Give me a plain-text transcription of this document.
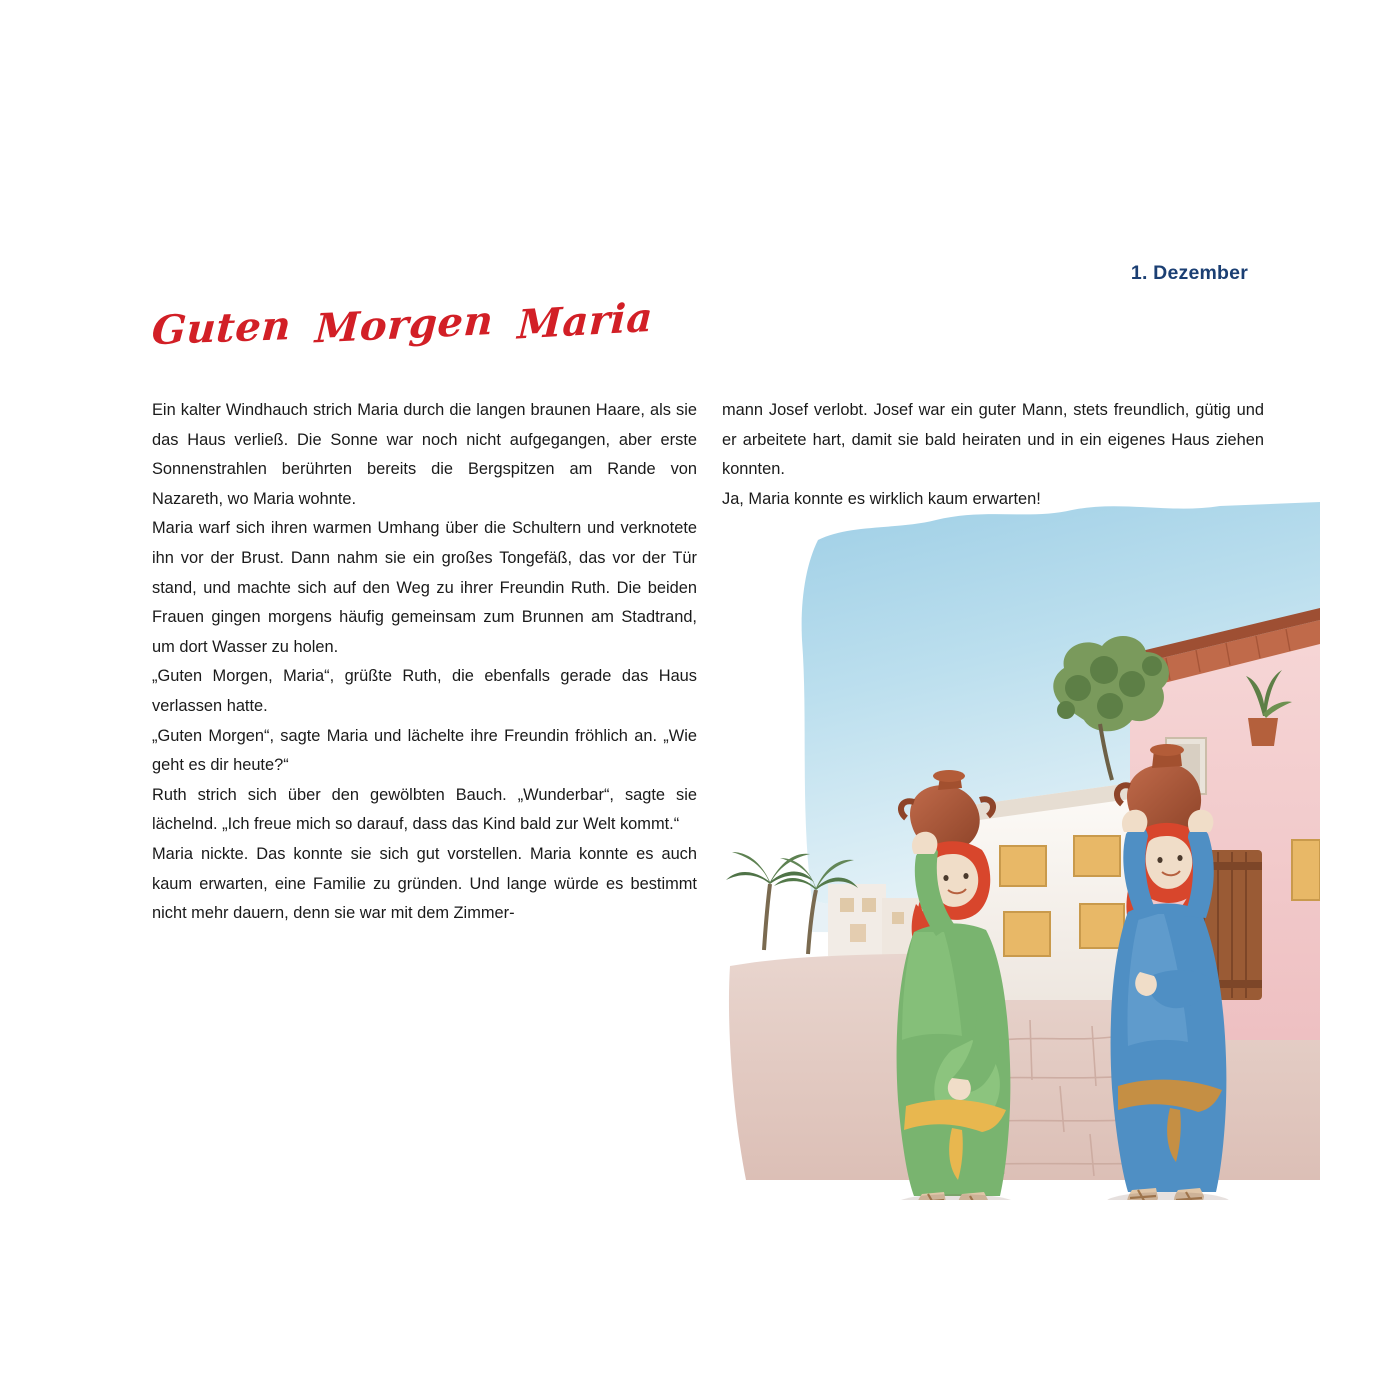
1. Dezember
Guten Morgen Maria

Ein kalter Windhauch strich Maria durch die langen braunen Haare, als sie das Haus verließ. Die Sonne war noch nicht aufgegangen, aber erste Sonnenstrahlen berührten bereits die Bergspitzen am Rande von Nazareth, wo Maria wohnte.

Maria warf sich ihren warmen Umhang über die Schultern und verknotete ihn vor der Brust. Dann nahm sie ein großes Tongefäß, das vor der Tür stand, und machte sich auf den Weg zu ihrer Freundin Ruth. Die beiden Frauen gingen morgens häufig gemeinsam zum Brunnen am Stadtrand, um dort Wasser zu holen.

„Guten Morgen, Maria“, grüßte Ruth, die ebenfalls gerade das Haus verlassen hatte.

„Guten Morgen“, sagte Maria und lächelte ihre Freundin fröhlich an. „Wie geht es dir heute?“

Ruth strich sich über den gewölbten Bauch. „Wunderbar“, sagte sie lächelnd. „Ich freue mich so darauf, dass das Kind bald zur Welt kommt.“

Maria nickte. Das konnte sie sich gut vorstellen. Maria konnte es auch kaum erwarten, eine Familie zu gründen. Und lange würde es bestimmt nicht mehr dauern, denn sie war mit dem Zimmer-

mann Josef verlobt. Josef war ein guter Mann, stets freundlich, gütig und er arbeitete hart, damit sie bald heiraten und in ein eigenes Haus ziehen konnten.

Ja, Maria konnte es wirklich kaum erwarten!
